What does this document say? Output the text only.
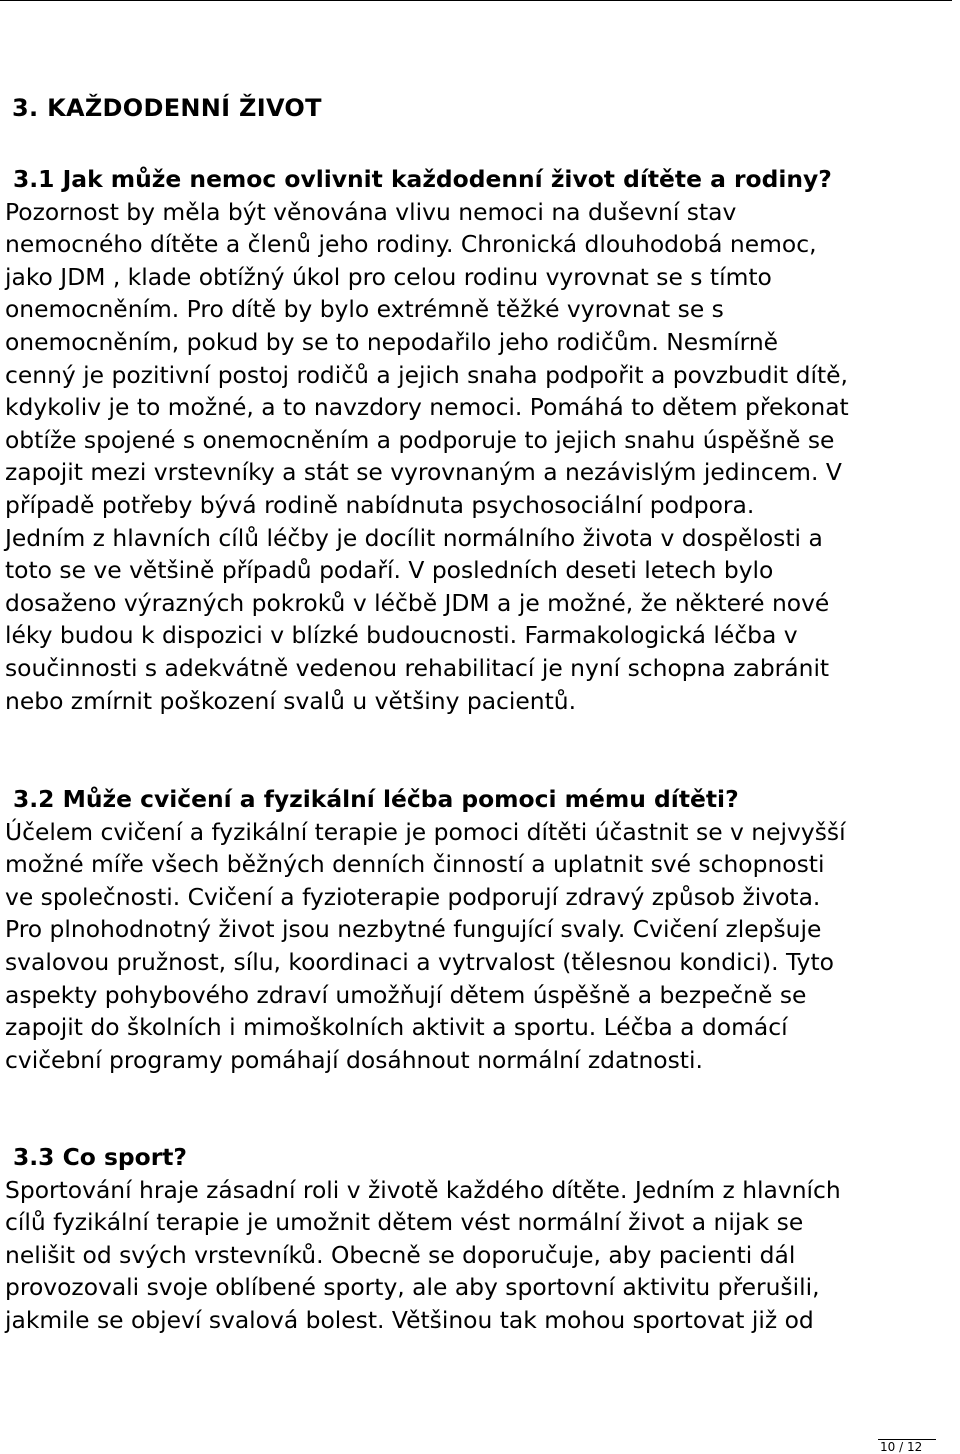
3. KAŽDODENNÍ ŽIVOT
3.1 Jak může nemoc ovlivnit každodenní život dítěte a rodiny?
Pozornost by měla být věnována vlivu nemoci na duševní stav
nemocného dítěte a členů jeho rodiny. Chronická dlouhodobá nemoc,
jako JDM , klade obtížný úkol pro celou rodinu vyrovnat se s tímto
onemocněním. Pro dítě by bylo extrémně těžké vyrovnat se s
onemocněním, pokud by se to nepodařilo jeho rodičům. Nesmírně
cenný je pozitivní postoj rodičů a jejich snaha podpořit a povzbudit dítě,
kdykoliv je to možné, a to navzdory nemoci. Pomáhá to dětem překonat
obtíže spojené s onemocněním a podporuje to jejich snahu úspěšně se
zapojit mezi vrstevníky a stát se vyrovnaným a nezávislým jedincem. V
případě potřeby bývá rodině nabídnuta psychosociální podpora.
Jedním z hlavních cílů léčby je docílit normálního života v dospělosti a
toto se ve většině případů podaří. V posledních deseti letech bylo
dosaženo výrazných pokroků v léčbě JDM a je možné, že některé nové
léky budou k dispozici v blízké budoucnosti. Farmakologická léčba v
součinnosti s adekvátně vedenou rehabilitací je nyní schopna zabránit
nebo zmírnit poškození svalů u většiny pacientů.
3.2 Může cvičení a fyzikální léčba pomoci mému dítěti?
Účelem cvičení a fyzikální terapie je pomoci dítěti účastnit se v nejvyšší
možné míře všech běžných denních činností a uplatnit své schopnosti
ve společnosti. Cvičení a fyzioterapie podporují zdravý způsob života.
Pro plnohodnotný život jsou nezbytné fungující svaly. Cvičení zlepšuje
svalovou pružnost, sílu, koordinaci a vytrvalost (tělesnou kondici). Tyto
aspekty pohybového zdraví umožňují dětem úspěšně a bezpečně se
zapojit do školních i mimoškolních aktivit a sportu. Léčba a domácí
cvičební programy pomáhají dosáhnout normální zdatnosti.
3.3 Co sport?
Sportování hraje zásadní roli v životě každého dítěte. Jedním z hlavních
cílů fyzikální terapie je umožnit dětem vést normální život a nijak se
nelišit od svých vrstevníků. Obecně se doporučuje, aby pacienti dál
provozovali svoje oblíbené sporty, ale aby sportovní aktivitu přerušili,
jakmile se objeví svalová bolest. Většinou tak mohou sportovat již od
10 / 12
